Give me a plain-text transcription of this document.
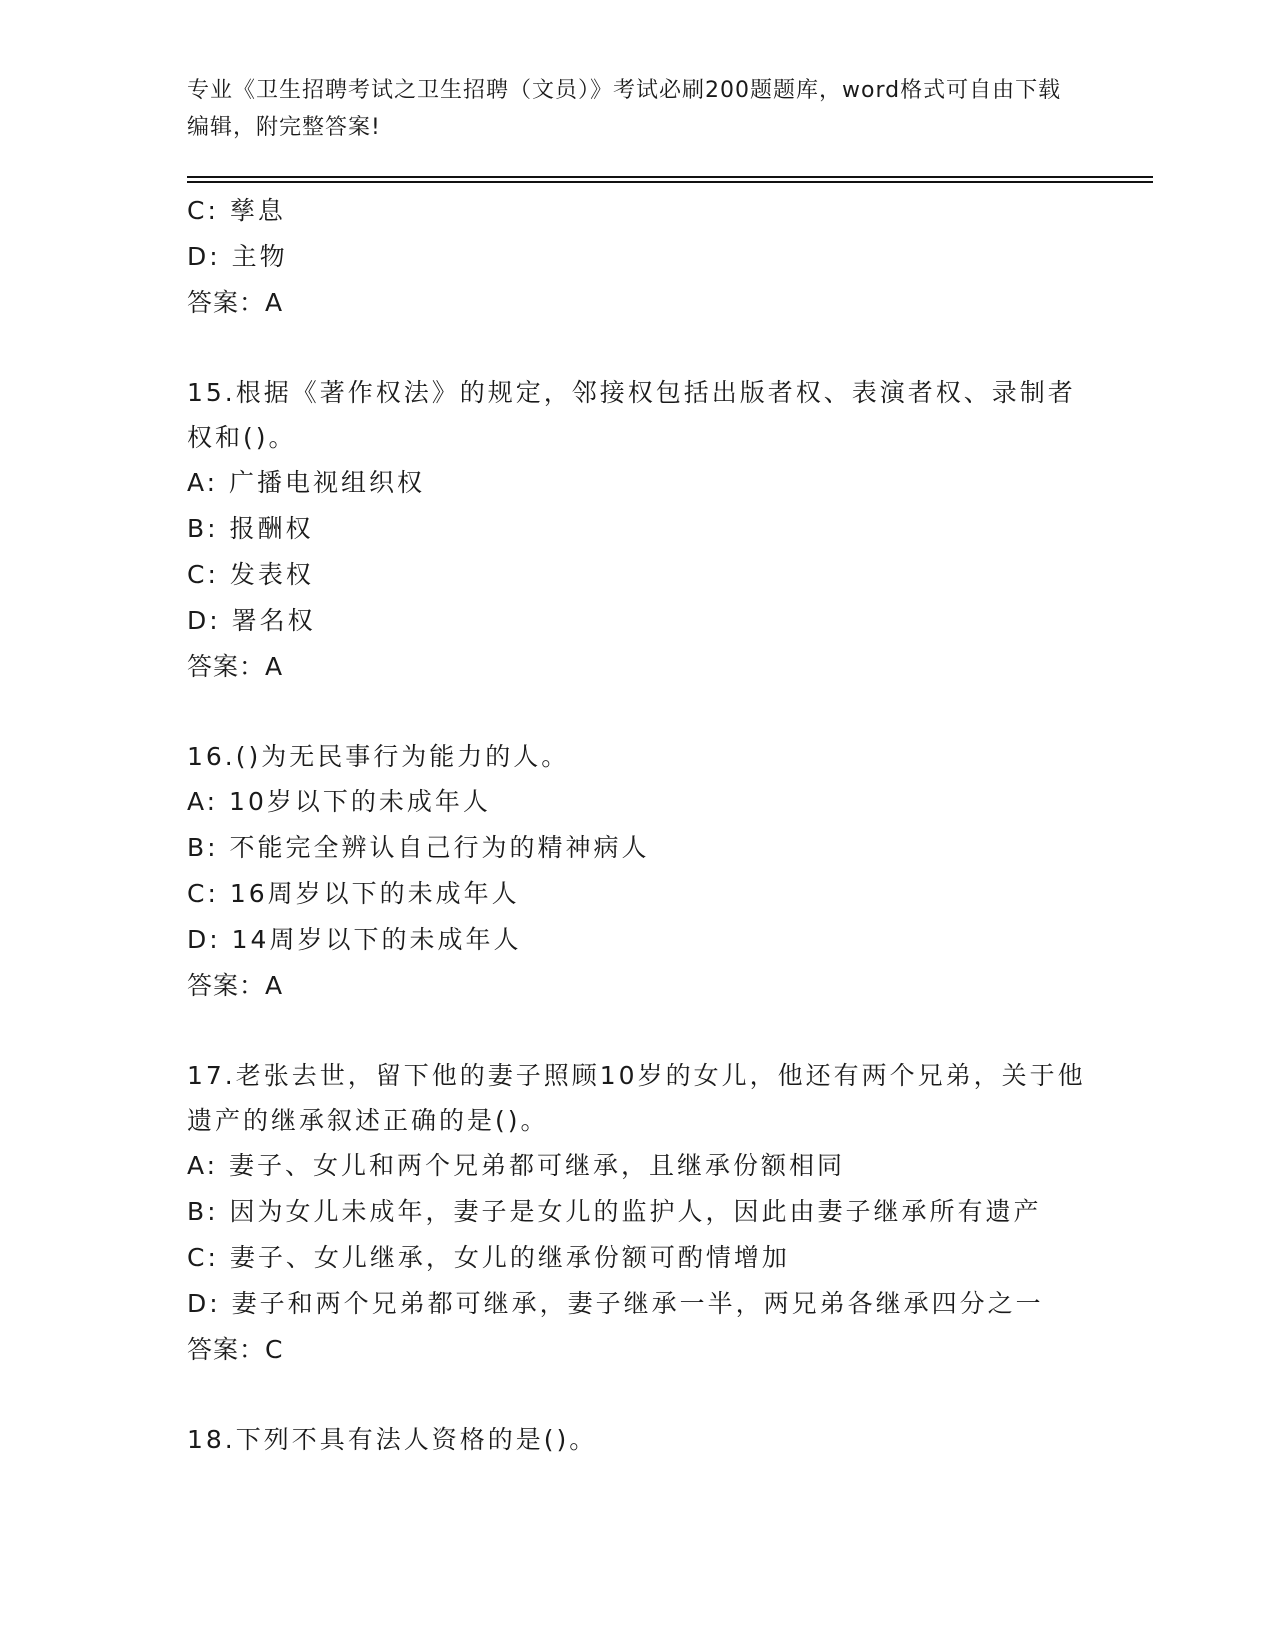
专业《卫生招聘考试之卫生招聘（文员）》考试必刷200题题库，word格式可自由下载编辑，附完整答案!
C: 孳息
D: 主物
答案：A
15.根据《著作权法》的规定，邻接权包括出版者权、表演者权、录制者权和()。
A: 广播电视组织权
B: 报酬权
C: 发表权
D: 署名权
答案：A
16.()为无民事行为能力的人。
A: 10岁以下的未成年人
B: 不能完全辨认自己行为的精神病人
C: 16周岁以下的未成年人
D: 14周岁以下的未成年人
答案：A
17.老张去世，留下他的妻子照顾10岁的女儿，他还有两个兄弟，关于他遗产的继承叙述正确的是()。
A: 妻子、女儿和两个兄弟都可继承，且继承份额相同
B: 因为女儿未成年，妻子是女儿的监护人，因此由妻子继承所有遗产
C: 妻子、女儿继承，女儿的继承份额可酌情增加
D: 妻子和两个兄弟都可继承，妻子继承一半，两兄弟各继承四分之一
答案：C
18.下列不具有法人资格的是()。
